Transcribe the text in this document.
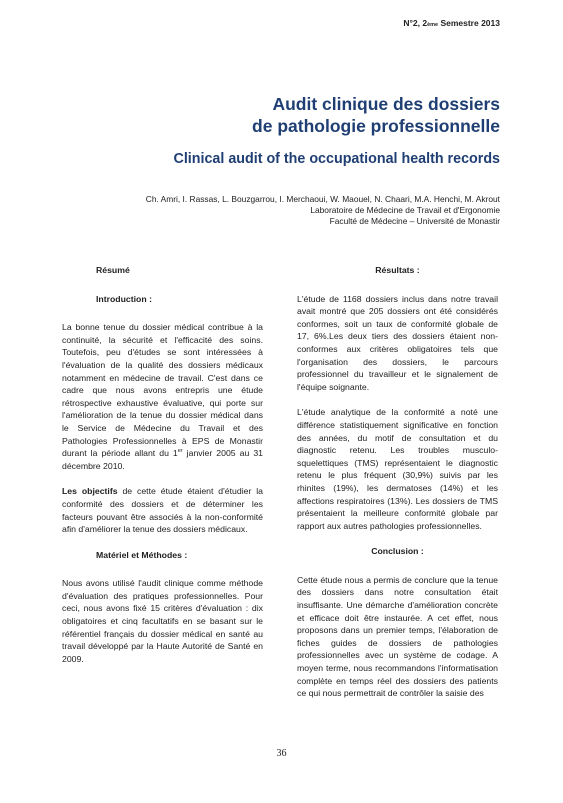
N°2, 2ème Semestre 2013
Audit clinique des dossiers
de pathologie professionnelle
Clinical audit of the occupational health records
Ch. Amri, I. Rassas, L. Bouzgarrou, I. Merchaoui, W. Maouel, N. Chaari, M.A. Henchi, M. Akrout
Laboratoire de Médecine de Travail et d'Ergonomie
Faculté de Médecine – Université de Monastir
Résumé
Introduction :

La bonne tenue du dossier médical contribue à la continuité, la sécurité et l'efficacité des soins. Toutefois, peu d'études se sont intéressées à l'évaluation de la qualité des dossiers médicaux notamment en médecine de travail. C'est dans ce cadre que nous avons entrepris une étude rétrospective exhaustive évaluative, qui porte sur l'amélioration de la tenue du dossier médical dans le Service de Médecine du Travail et des Pathologies Professionnelles à EPS de Monastir durant la période allant du 1er janvier 2005 au 31 décembre 2010.

Les objectifs de cette étude étaient d'étudier la conformité des dossiers et de déterminer les facteurs pouvant être associés à la non-conformité afin d'améliorer la tenue des dossiers médicaux.

Matériel et Méthodes :

Nous avons utilisé l'audit clinique comme méthode d'évaluation des pratiques professionnelles. Pour ceci, nous avons fixé 15 critères d'évaluation : dix obligatoires et cinq facultatifs en se basant sur le référentiel français du dossier médical en santé au travail développé par la Haute Autorité de Santé en 2009.

Résultats :

L'étude de 1168 dossiers inclus dans notre travail avait montré que 205 dossiers ont été considérés conformes, soit un taux de conformité globale de 17, 6%.Les deux tiers des dossiers étaient non-conformes aux critères obligatoires tels que l'organisation des dossiers, le parcours professionnel du travailleur et le signalement de l'équipe soignante.

L'étude analytique de la conformité a noté une différence statistiquement significative en fonction des années, du motif de consultation et du diagnostic retenu. Les troubles musculo-squelettiques (TMS) représentaient le diagnostic retenu le plus fréquent (30,9%) suivis par les rhinites (19%), les dermatoses (14%) et les affections respiratoires (13%). Les dossiers de TMS présentaient la meilleure conformité globale par rapport aux autres pathologies professionnelles.

Conclusion :

Cette étude nous a permis de conclure que la tenue des dossiers dans notre consultation était insuffisante. Une démarche d'amélioration concrète et efficace doit être instaurée. A cet effet, nous proposons dans un premier temps, l'élaboration de fiches guides de dossiers de pathologies professionnelles avec un système de codage. A moyen terme, nous recommandons l'informatisation complète en temps réel des dossiers des patients ce qui nous permettrait de contrôler la saisie des

36
